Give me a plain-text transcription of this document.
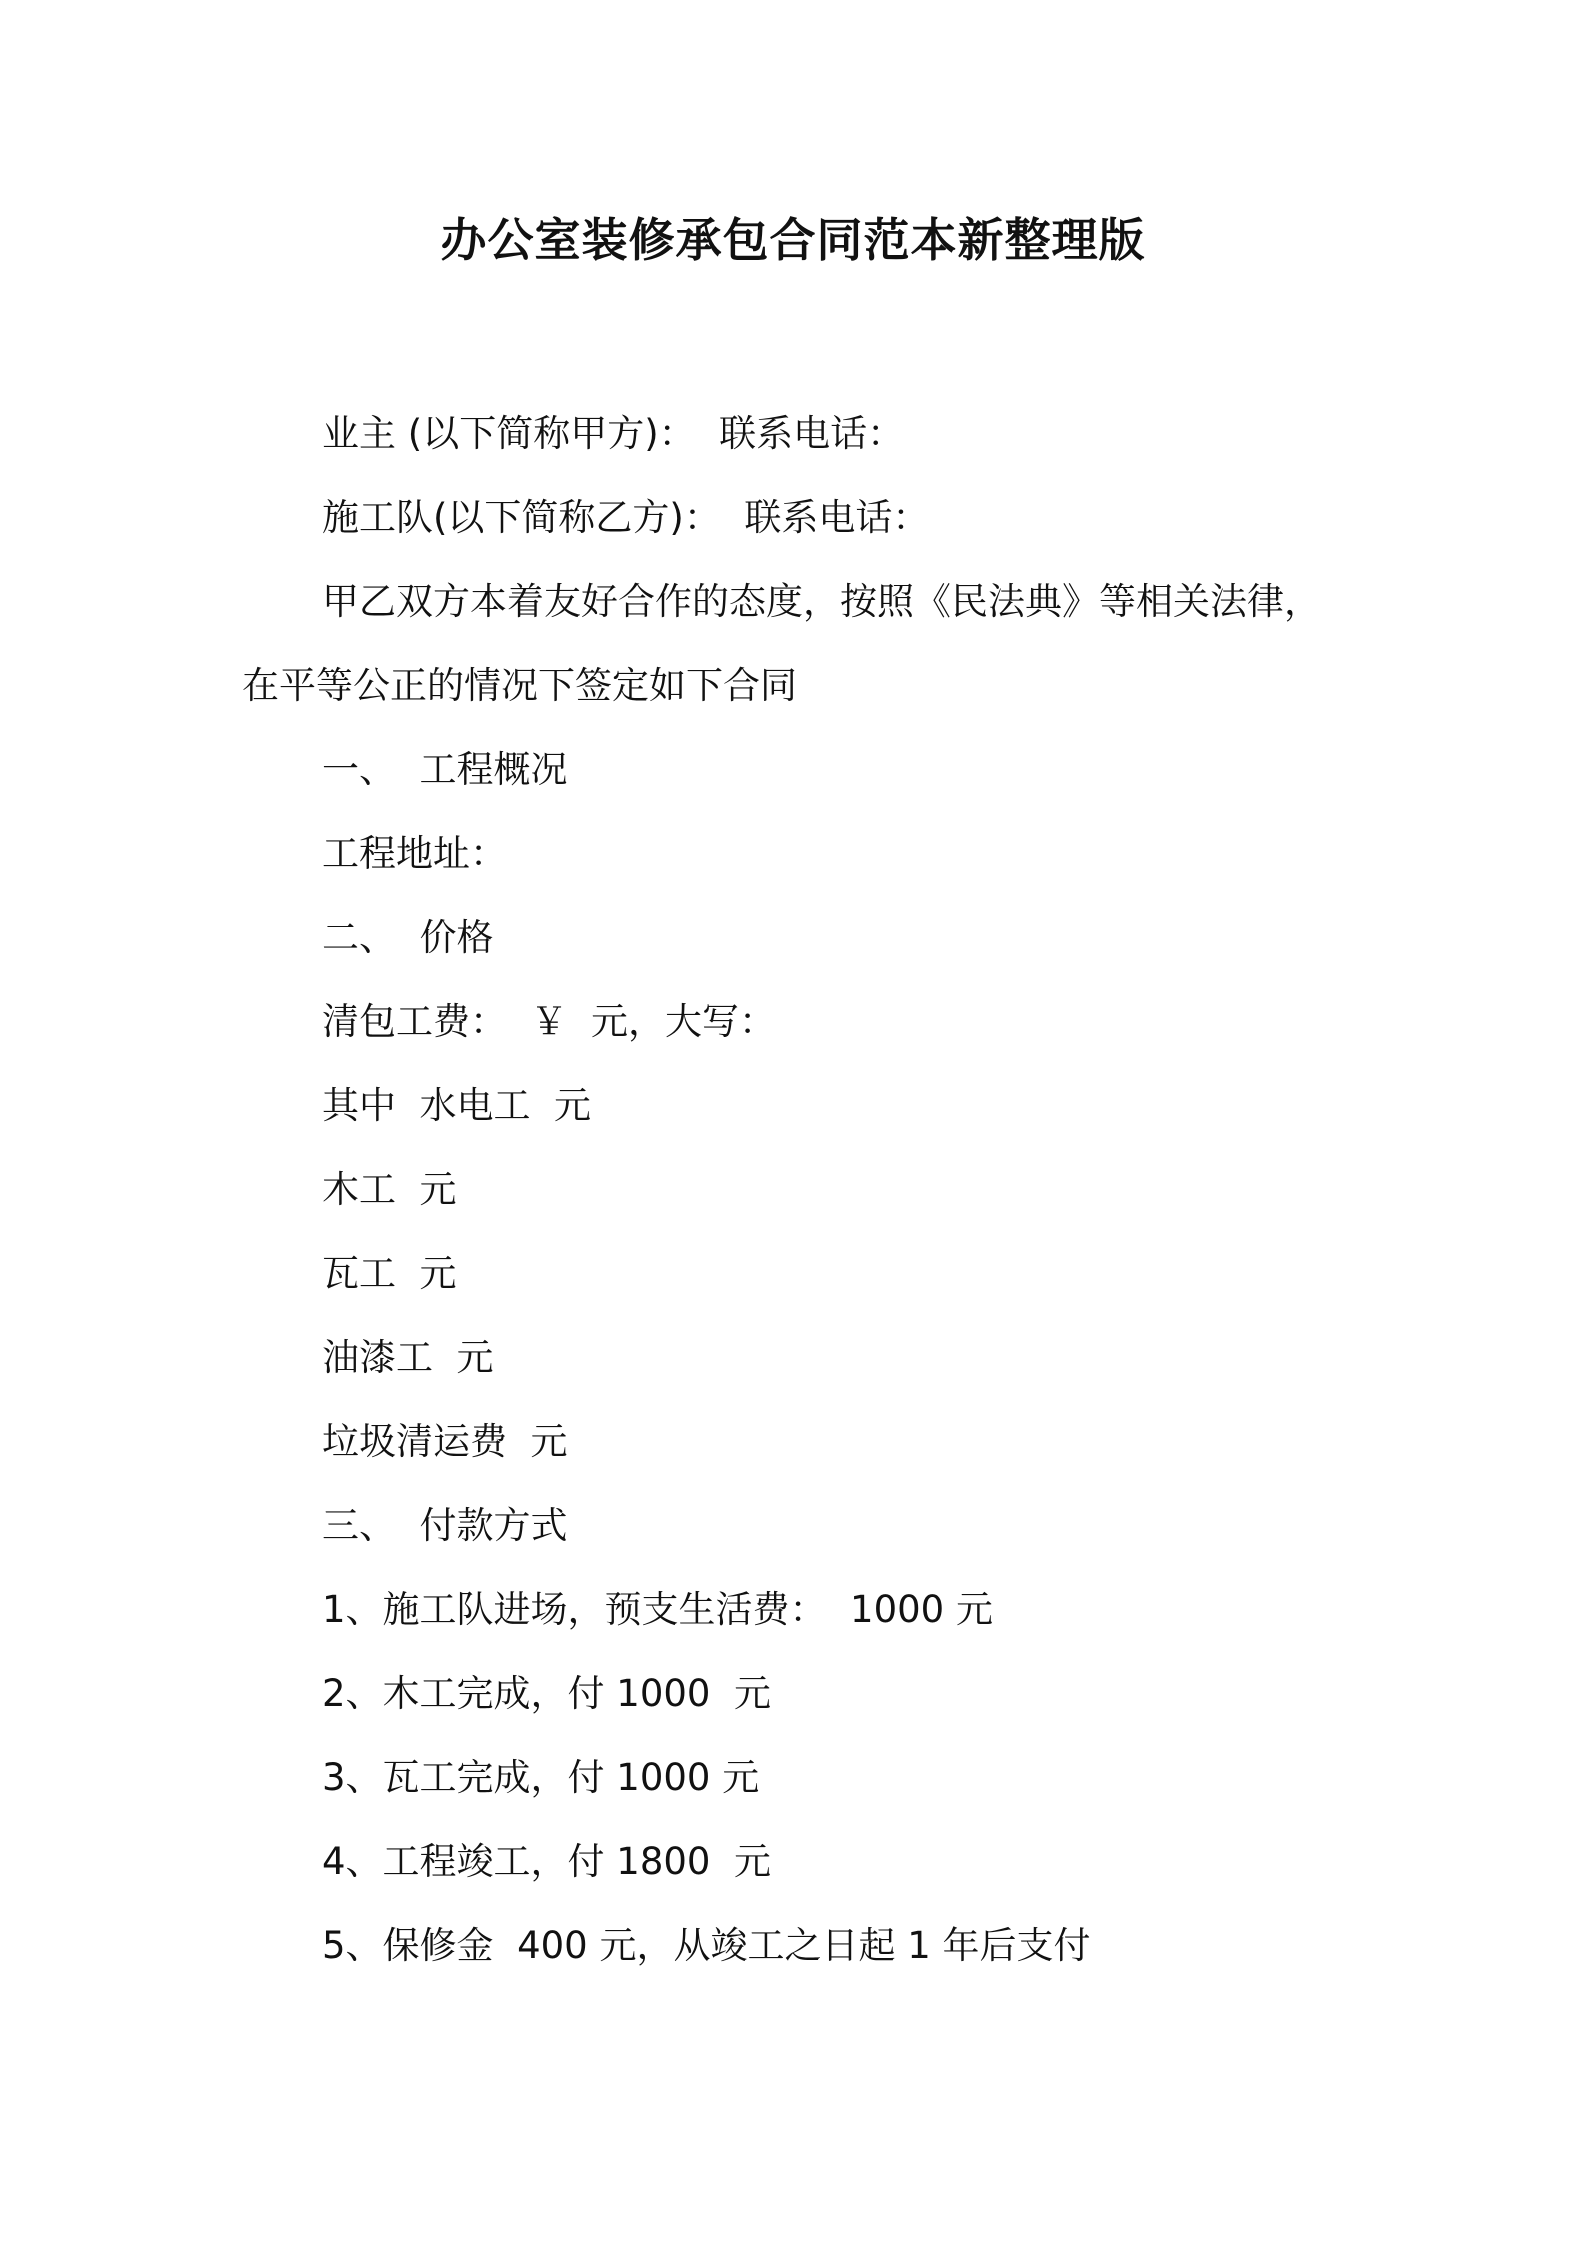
办公室装修承包合同范本新整理版
业主 (以下简称甲方)：  联系电话：
施工队(以下简称乙方)：  联系电话：
甲乙双方本着友好合作的态度，按照《民法典》等相关法律，
在平等公正的情况下签定如下合同
一、  工程概况
工程地址：
二、  价格
清包工费：  ￥  元，大写：
其中  水电工  元
木工  元
瓦工  元
油漆工  元
垃圾清运费  元
三、  付款方式
1、施工队进场，预支生活费：  1000 元
2、木工完成，付 1000  元
3、瓦工完成，付 1000 元
4、工程竣工，付 1800  元
5、保修金  400 元，从竣工之日起 1 年后支付
